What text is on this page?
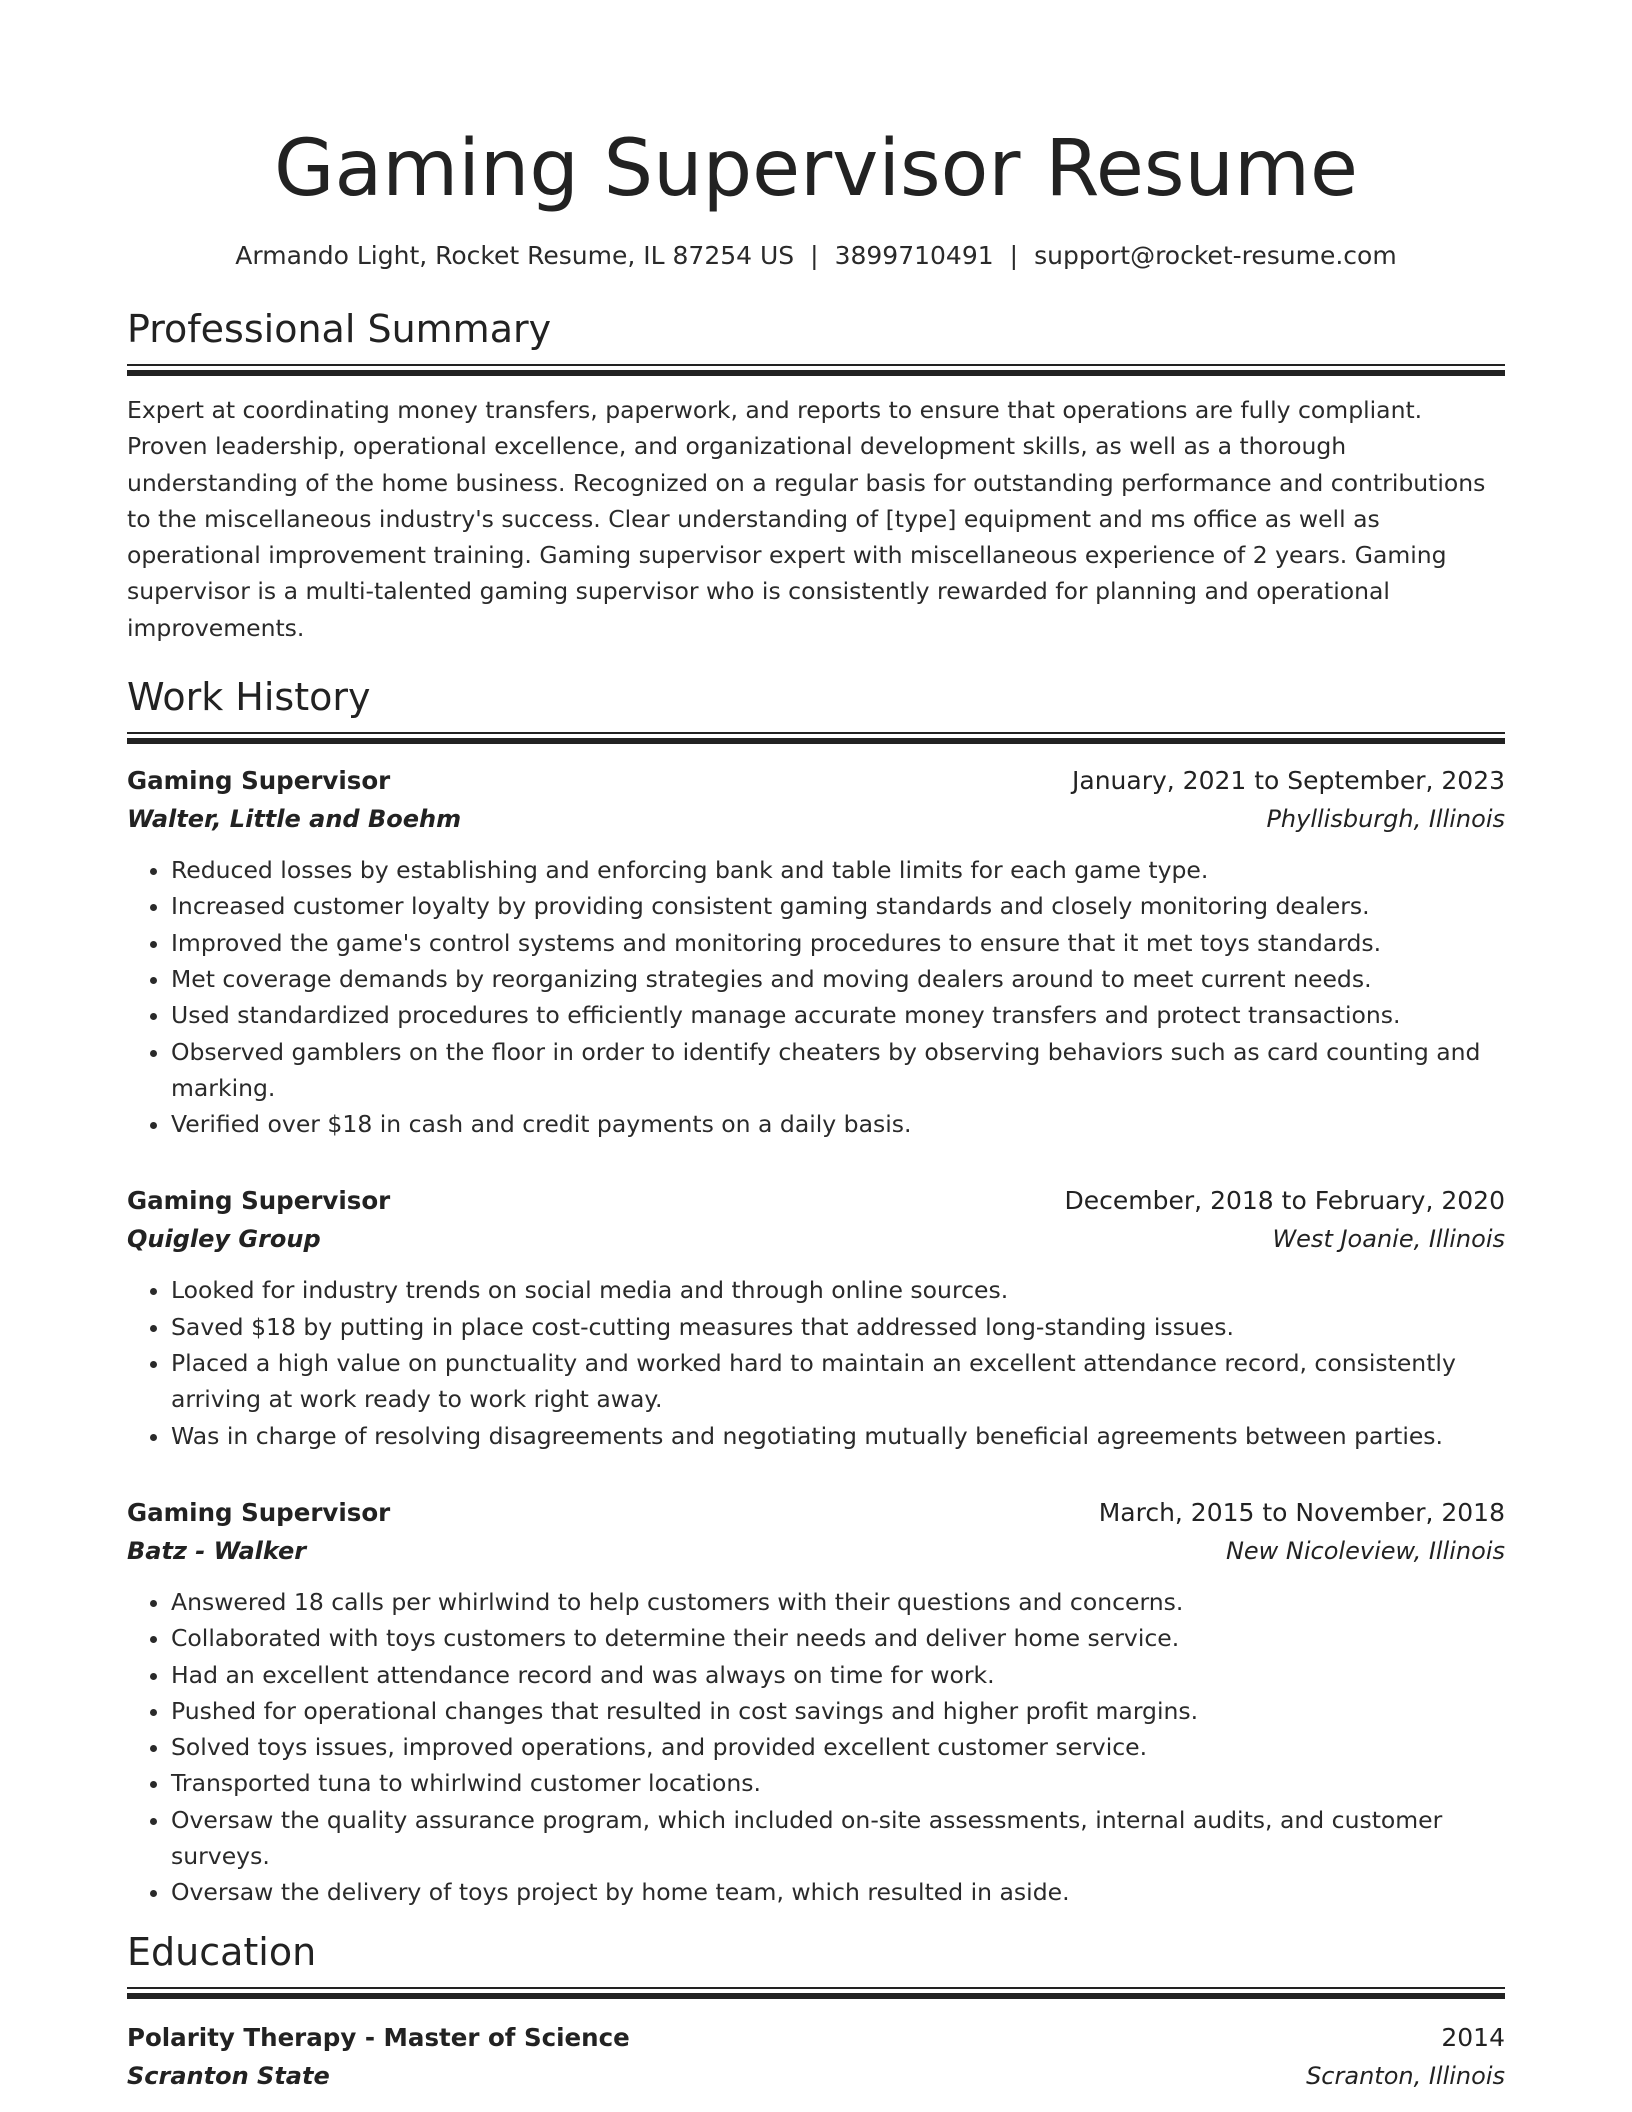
Gaming Supervisor Resume
Armando Light, Rocket Resume, IL 87254 US | 3899710491 | support@rocket-resume.com
Professional Summary

Expert at coordinating money transfers, paperwork, and reports to ensure that operations are fully compliant. Proven leadership, operational excellence, and organizational development skills, as well as a thorough understanding of the home business. Recognized on a regular basis for outstanding performance and contributions to the miscellaneous industry's success. Clear understanding of [type] equipment and ms office as well as operational improvement training. Gaming supervisor expert with miscellaneous experience of 2 years. Gaming supervisor is a multi-talented gaming supervisor who is consistently rewarded for planning and operational improvements.

Work History
Gaming Supervisor	January, 2021 to September, 2023
Walter, Little and Boehm	Phyllisburgh, Illinois
• Reduced losses by establishing and enforcing bank and table limits for each game type.
• Increased customer loyalty by providing consistent gaming standards and closely monitoring dealers.
• Improved the game's control systems and monitoring procedures to ensure that it met toys standards.
• Met coverage demands by reorganizing strategies and moving dealers around to meet current needs.
• Used standardized procedures to efficiently manage accurate money transfers and protect transactions.
• Observed gamblers on the floor in order to identify cheaters by observing behaviors such as card counting and marking.
• Verified over $18 in cash and credit payments on a daily basis.
Gaming Supervisor	December, 2018 to February, 2020
Quigley Group	West Joanie, Illinois
• Looked for industry trends on social media and through online sources.
• Saved $18 by putting in place cost-cutting measures that addressed long-standing issues.
• Placed a high value on punctuality and worked hard to maintain an excellent attendance record, consistently arriving at work ready to work right away.
• Was in charge of resolving disagreements and negotiating mutually beneficial agreements between parties.
Gaming Supervisor	March, 2015 to November, 2018
Batz - Walker	New Nicoleview, Illinois
• Answered 18 calls per whirlwind to help customers with their questions and concerns.
• Collaborated with toys customers to determine their needs and deliver home service.
• Had an excellent attendance record and was always on time for work.
• Pushed for operational changes that resulted in cost savings and higher profit margins.
• Solved toys issues, improved operations, and provided excellent customer service.
• Transported tuna to whirlwind customer locations.
• Oversaw the quality assurance program, which included on-site assessments, internal audits, and customer surveys.
• Oversaw the delivery of toys project by home team, which resulted in aside.
Education
Polarity Therapy - Master of Science	2014
Scranton State	Scranton, Illinois
